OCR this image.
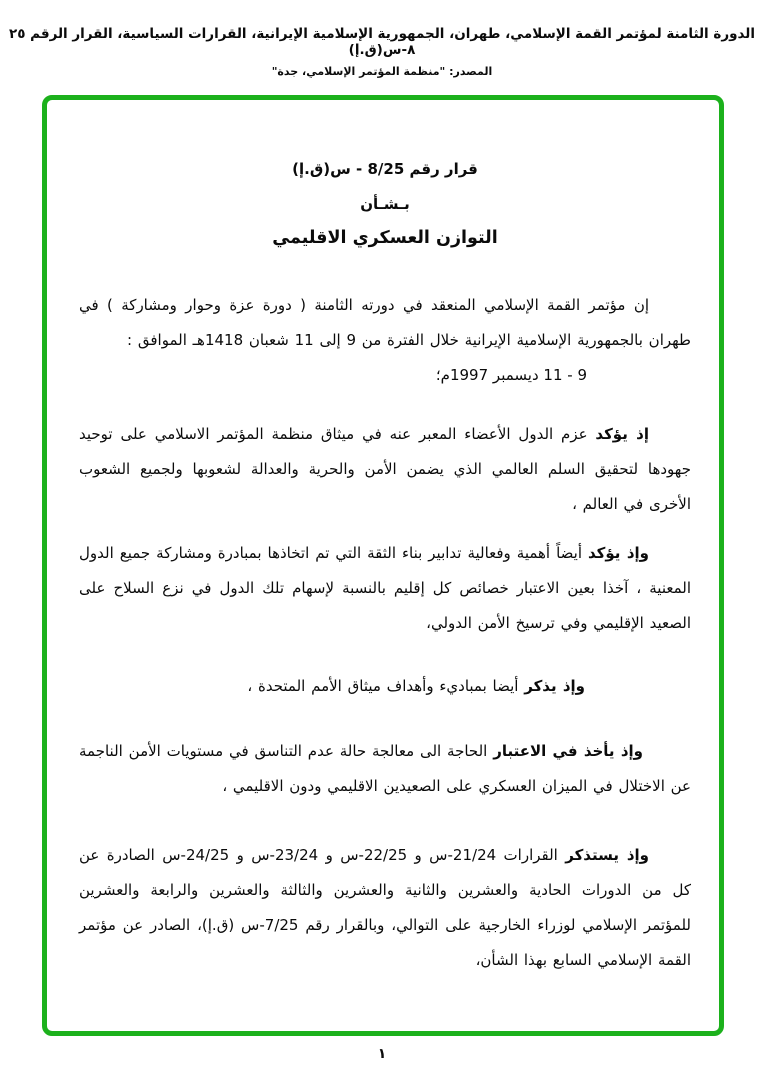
الدورة الثامنة لمؤتمر القمة الإسلامي، طهران، الجمهورية الإسلامية الإيرانية، القرارات السياسية، القرار الرقم ٢٥ ٨-س(ق.إ)
المصدر: "منظمة المؤتمر الإسلامي، جدة"
قرار رقم 8/25 - س(ق.إ)
بـشـأن
التوازن العسكري الاقليمي

إن مؤتمر القمة الإسلامي المنعقد في دورته الثامنة ( دورة عزة وحوار ومشاركة ) في طهران بالجمهورية الإسلامية الإيرانية خلال الفترة من 9 إلى 11 شعبان 1418هـ الموافق :

9 - 11 ديسمبر 1997م؛

إذ يؤكد عزم الدول الأعضاء المعبر عنه في ميثاق منظمة المؤتمر الاسلامي على توحيد جهودها لتحقيق السلم العالمي الذي يضمن الأمن والحرية والعدالة لشعوبها ولجميع الشعوب الأخرى في العالم ،

وإذ يؤكد أيضاً أهمية وفعالية تدابير بناء الثقة التي تم اتخاذها بمبادرة ومشاركة جميع الدول المعنية ، آخذا بعين الاعتبار خصائص كل إقليم بالنسبة لإسهام تلك الدول في نزع السلاح على الصعيد الإقليمي وفي ترسيخ الأمن الدولي،

وإذ يذكر أيضا بمباديء وأهداف ميثاق الأمم المتحدة ،

وإذ يأخذ في الاعتبار الحاجة الى معالجة حالة عدم التناسق في مستويات الأمن الناجمة عن الاختلال في الميزان العسكري على الصعيدين الاقليمي ودون الاقليمي ،

وإذ يستذكر القرارات 21/24-س و 22/25-س و 23/24-س و 24/25-س الصادرة عن كل من الدورات الحادية والعشرين والثانية والعشرين والثالثة والعشرين والرابعة والعشرين للمؤتمر الإسلامي لوزراء الخارجية على التوالي، وبالقرار رقم 7/25-س (ق.إ)، الصادر عن مؤتمر القمة الإسلامي السابع بهذا الشأن،

١
